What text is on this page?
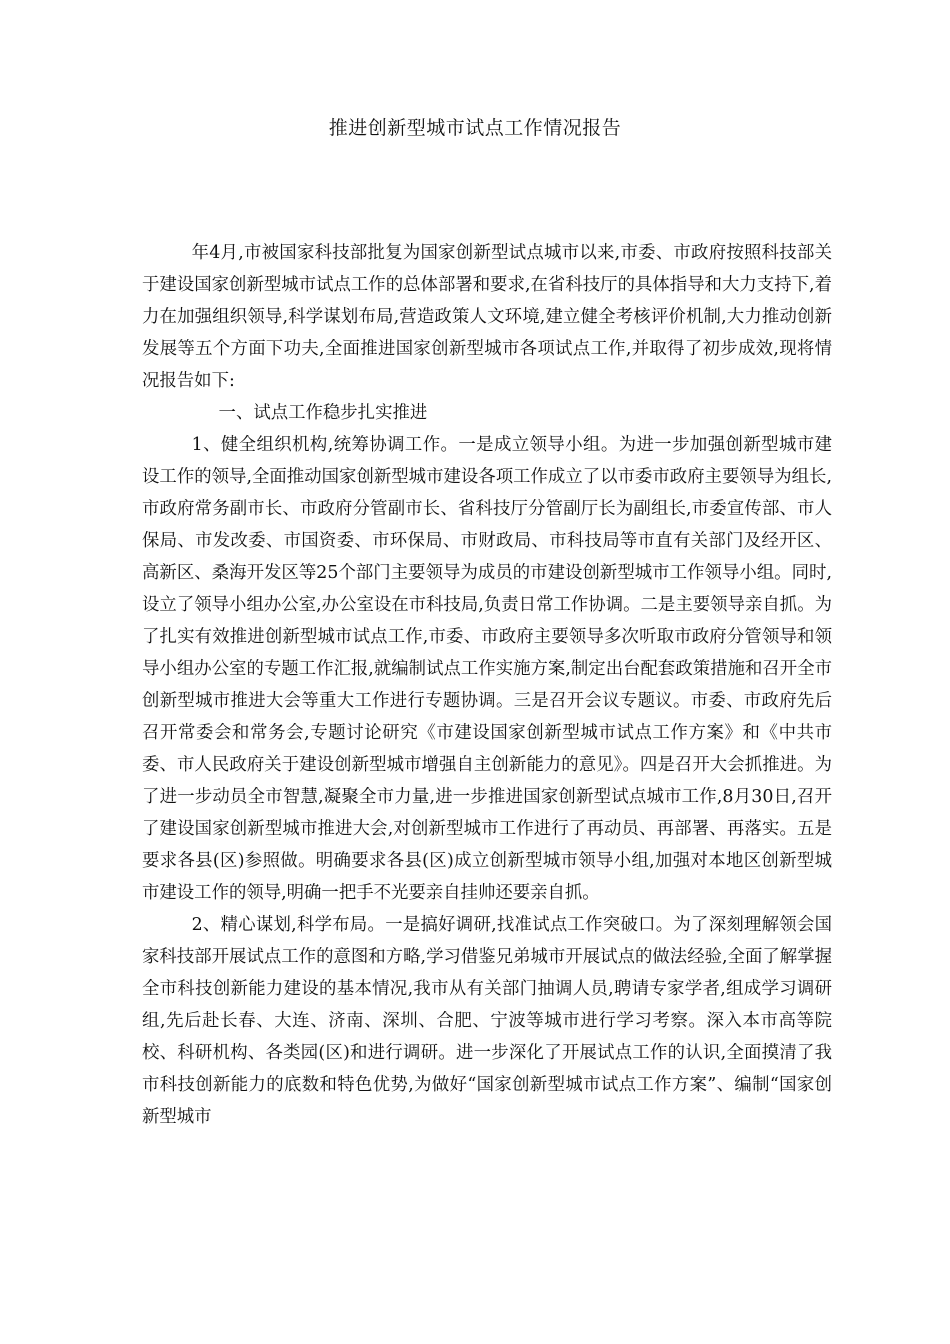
推进创新型城市试点工作情况报告

年4月,市被国家科技部批复为国家创新型试点城市以来,市委、市政府按照科技部关于建设国家创新型城市试点工作的总体部署和要求,在省科技厅的具体指导和大力支持下,着力在加强组织领导,科学谋划布局,营造政策人文环境,建立健全考核评价机制,大力推动创新发展等五个方面下功夫,全面推进国家创新型城市各项试点工作,并取得了初步成效,现将情况报告如下:

一、试点工作稳步扎实推进

1、健全组织机构,统筹协调工作。一是成立领导小组。为进一步加强创新型城市建设工作的领导,全面推动国家创新型城市建设各项工作成立了以市委市政府主要领导为组长,市政府常务副市长、市政府分管副市长、省科技厅分管副厅长为副组长,市委宣传部、市人保局、市发改委、市国资委、市环保局、市财政局、市科技局等市直有关部门及经开区、高新区、桑海开发区等25个部门主要领导为成员的市建设创新型城市工作领导小组。同时,设立了领导小组办公室,办公室设在市科技局,负责日常工作协调。二是主要领导亲自抓。为了扎实有效推进创新型城市试点工作,市委、市政府主要领导多次听取市政府分管领导和领导小组办公室的专题工作汇报,就编制试点工作实施方案,制定出台配套政策措施和召开全市创新型城市推进大会等重大工作进行专题协调。三是召开会议专题议。市委、市政府先后召开常委会和常务会,专题讨论研究《市建设国家创新型城市试点工作方案》和《中共市委、市人民政府关于建设创新型城市增强自主创新能力的意见》。四是召开大会抓推进。为了进一步动员全市智慧,凝聚全市力量,进一步推进国家创新型试点城市工作,8月30日,召开了建设国家创新型城市推进大会,对创新型城市工作进行了再动员、再部署、再落实。五是要求各县(区)参照做。明确要求各县(区)成立创新型城市领导小组,加强对本地区创新型城市建设工作的领导,明确一把手不光要亲自挂帅还要亲自抓。

2、精心谋划,科学布局。一是搞好调研,找准试点工作突破口。为了深刻理解领会国家科技部开展试点工作的意图和方略,学习借鉴兄弟城市开展试点的做法经验,全面了解掌握全市科技创新能力建设的基本情况,我市从有关部门抽调人员,聘请专家学者,组成学习调研组,先后赴长春、大连、济南、深圳、合肥、宁波等城市进行学习考察。深入本市高等院校、科研机构、各类园(区)和进行调研。进一步深化了开展试点工作的认识,全面摸清了我市科技创新能力的底数和特色优势,为做好“国家创新型城市试点工作方案”、编制“国家创新型城市
